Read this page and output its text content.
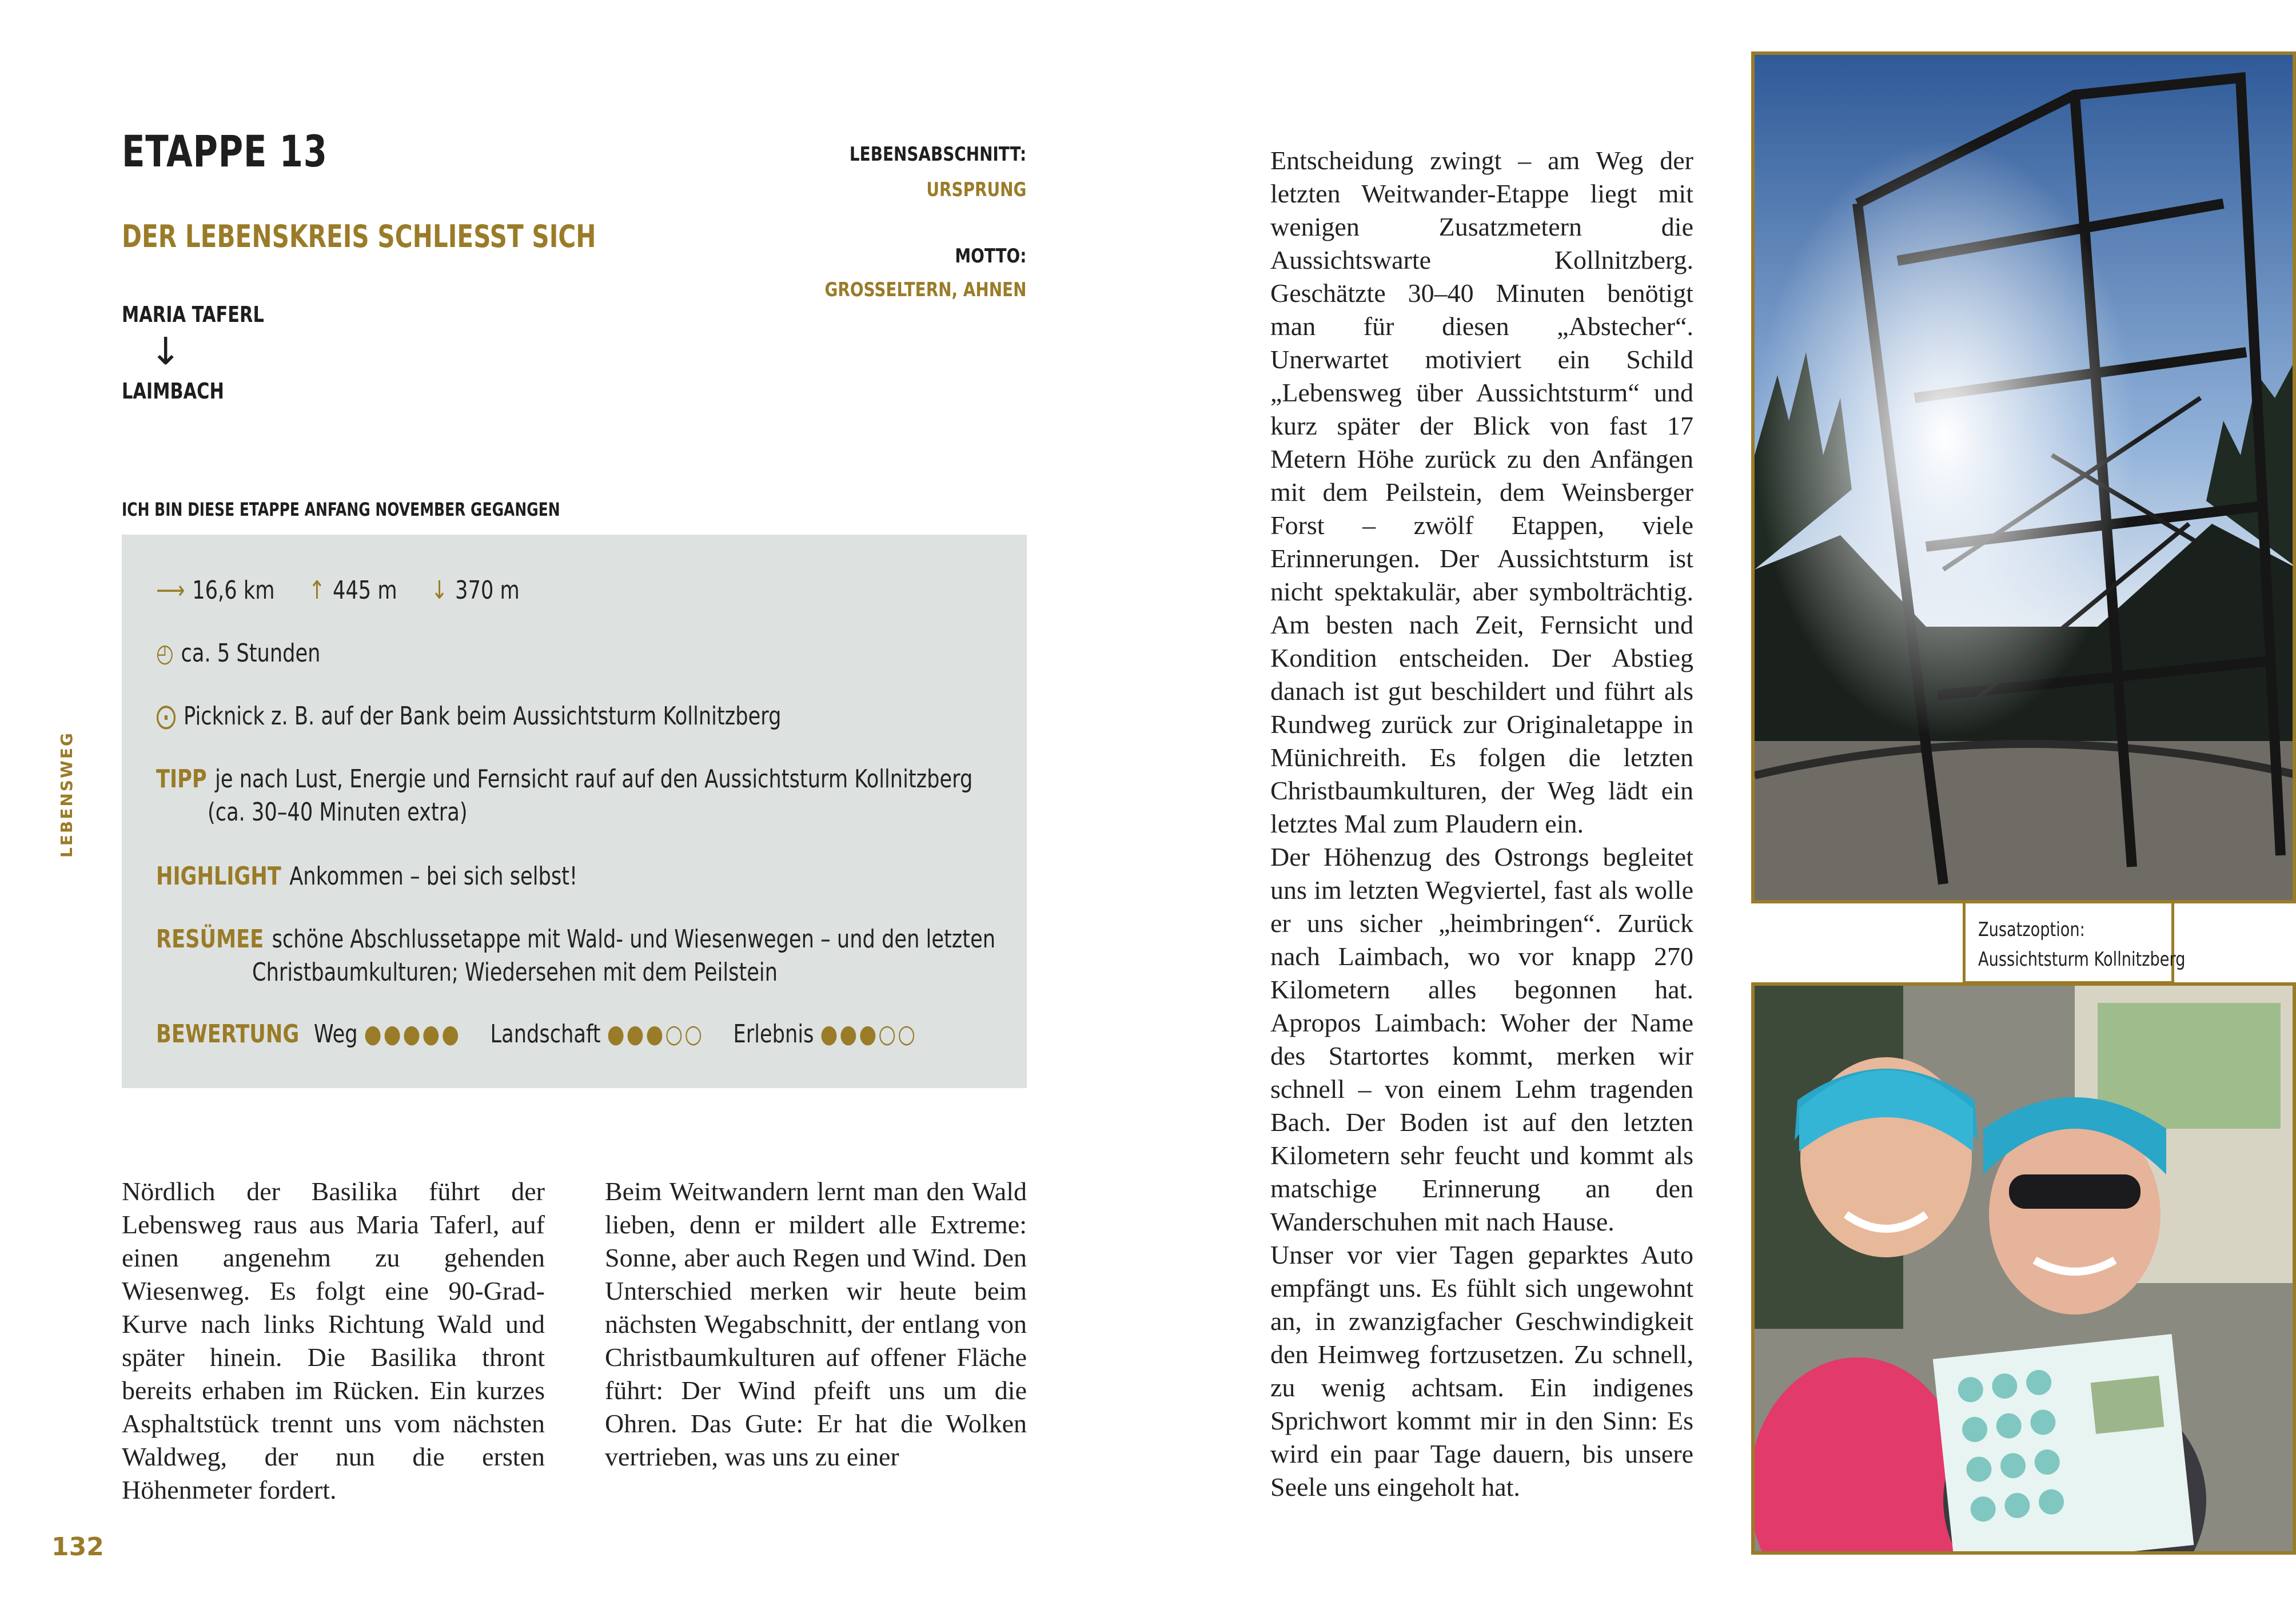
LEBENSWEG
132
ETAPPE 13
DER LEBENSKREIS SCHLIESST SICH
MARIA TAFERL
↓
LAIMBACH
LEBENSABSCHNITT:
URSPRUNG
MOTTO:
GROSSELTERN, AHNEN
ICH BIN DIESE ETAPPE ANFANG NOVEMBER GEGANGEN
⟶ 16,6 km ↑ 445 m ↓ 370 m
◴ ca. 5 Stunden
⨀ Picknick z. B. auf der Bank beim Aussichtsturm Kollnitzberg
TIPP je nach Lust, Energie und Fernsicht rauf auf den Aussichtsturm Kollnitzberg
(ca. 30–40 Minuten extra)
HIGHLIGHT Ankommen – bei sich selbst!
RESÜMEE schöne Abschlussetappe mit Wald- und Wiesenwegen – und den letzten
Christbaumkulturen; Wiedersehen mit dem Peilstein
BEWERTUNG Weg ●●●●● Landschaft ●●●○○ Erlebnis ●●●○○

Nördlich der Basilika führt der Lebensweg raus aus Maria Taferl, auf einen angenehm zu gehenden Wiesenweg. Es folgt eine 90-Grad-Kurve nach links Richtung Wald und später hinein. Die Basilika thront bereits erhaben im Rücken. Ein kurzes Asphaltstück trennt uns vom nächsten Waldweg, der nun die ersten Höhenmeter fordert.

Beim Weitwandern lernt man den Wald lieben, denn er mildert alle Extreme: Sonne, aber auch Regen und Wind. Den Unterschied merken wir heute beim nächsten Wegabschnitt, der entlang von Christbaumkulturen auf offener Fläche führt: Der Wind pfeift uns um die Ohren. Das Gute: Er hat die Wolken vertrieben, was uns zu einer

Entscheidung zwingt – am Weg der letzten Weitwander-Etappe liegt mit wenigen Zusatzmetern die Aussichtswarte Kollnitzberg. Geschätzte 30–40 Minuten benötigt man für diesen „Abstecher“. Unerwartet motiviert ein Schild „Lebensweg über Aussichtsturm“ und kurz später der Blick von fast 17 Metern Höhe zurück zu den Anfängen mit dem Peilstein, dem Weinsberger Forst – zwölf Etappen, viele Erinnerungen. Der Aussichtsturm ist nicht spektakulär, aber symbolträchtig. Am besten nach Zeit, Fernsicht und Kondition entscheiden. Der Abstieg danach ist gut beschildert und führt als Rundweg zurück zur Originaletappe in Münichreith. Es folgen die letzten Christbaumkulturen, der Weg lädt ein letztes Mal zum Plaudern ein.

Der Höhenzug des Ostrongs begleitet uns im letzten Wegviertel, fast als wolle er uns sicher „heimbringen“. Zurück nach Laimbach, wo vor knapp 270 Kilometern alles begonnen hat. Apropos Laimbach: Woher der Name des Startortes kommt, merken wir schnell – von einem Lehm tragenden Bach. Der Boden ist auf den letzten Kilometern sehr feucht und kommt als matschige Erinnerung an den Wanderschuhen mit nach Hause.

Unser vor vier Tagen geparktes Auto empfängt uns. Es fühlt sich ungewohnt an, in zwanzigfacher Geschwindigkeit den Heimweg fortzusetzen. Zu schnell, zu wenig achtsam. Ein indigenes Sprichwort kommt mir in den Sinn: Es wird ein paar Tage dauern, bis unsere Seele uns eingeholt hat.

Zusatzoption:
Aussichtsturm Kollnitzberg
